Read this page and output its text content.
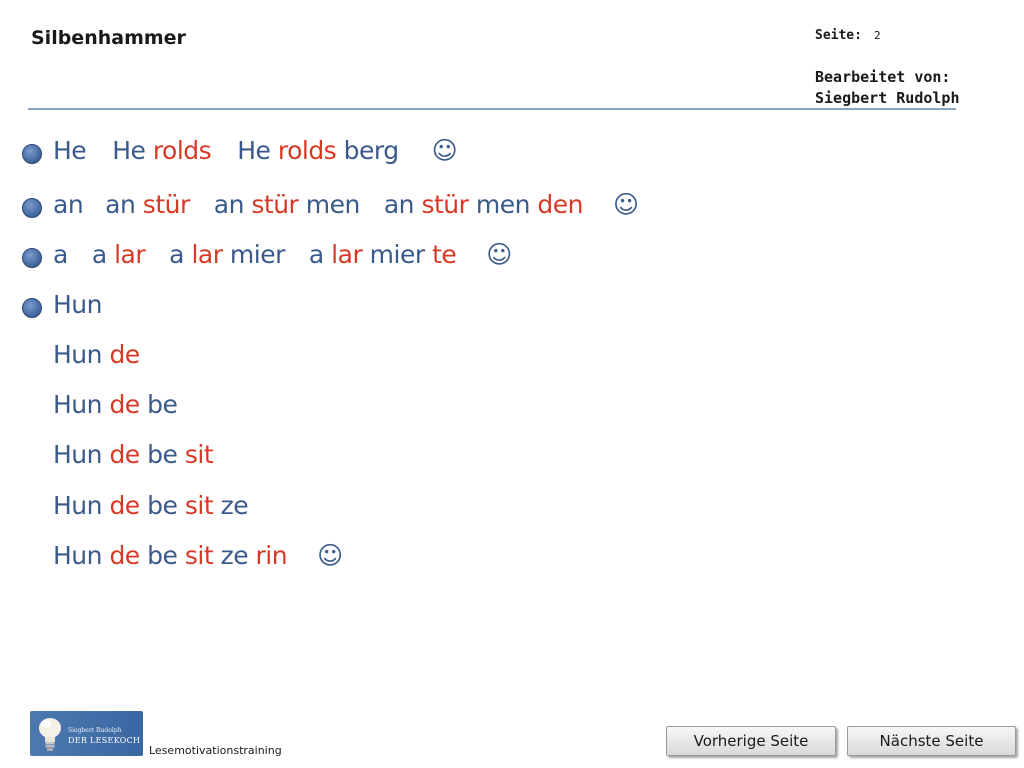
Silbenhammer	Seite: 2
Bearbeitet von:
Siegbert Rudolph
He He rolds He rolds berg ☺
an an stür an stür men an stür men den ☺
a a lar a lar mier a lar mier te ☺
Hun
Hun de
Hun de be
Hun de be sit
Hun de be sit ze
Hun de be sit ze rin ☺
Siegbert Rudolph
DER LESEKOCH
Lesemotivationstraining
Vorherige Seite	Nächste Seite
